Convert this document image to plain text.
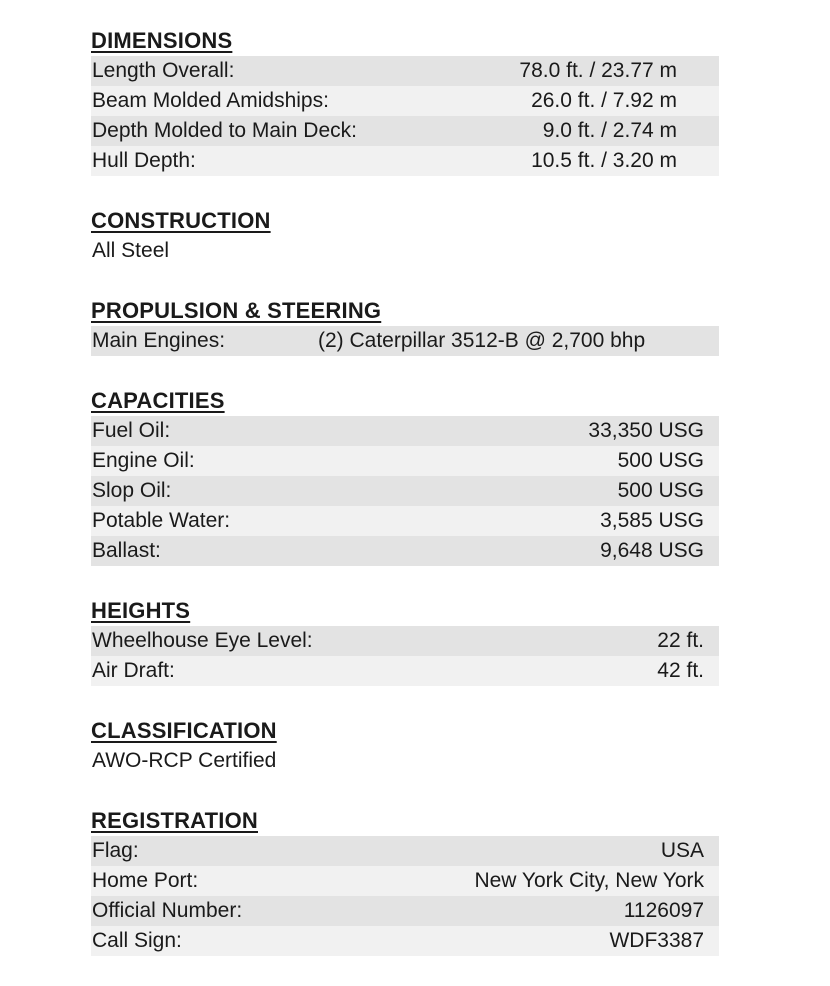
DIMENSIONS
Length Overall:	78.0 ft. / 23.77 m
Beam Molded Amidships:	26.0 ft. / 7.92 m
Depth Molded to Main Deck:	9.0 ft. / 2.74 m
Hull Depth:	10.5 ft. / 3.20 m
CONSTRUCTION
All Steel
PROPULSION & STEERING
Main Engines:	(2) Caterpillar 3512-B @ 2,700 bhp
CAPACITIES
Fuel Oil:	33,350 USG
Engine Oil:	500 USG
Slop Oil:	500 USG
Potable Water:	3,585 USG
Ballast:	9,648 USG
HEIGHTS
Wheelhouse Eye Level:	22 ft.
Air Draft:	42 ft.
CLASSIFICATION
AWO-RCP Certified
REGISTRATION
Flag:	USA
Home Port:	New York City, New York
Official Number:	1126097
Call Sign:	WDF3387
